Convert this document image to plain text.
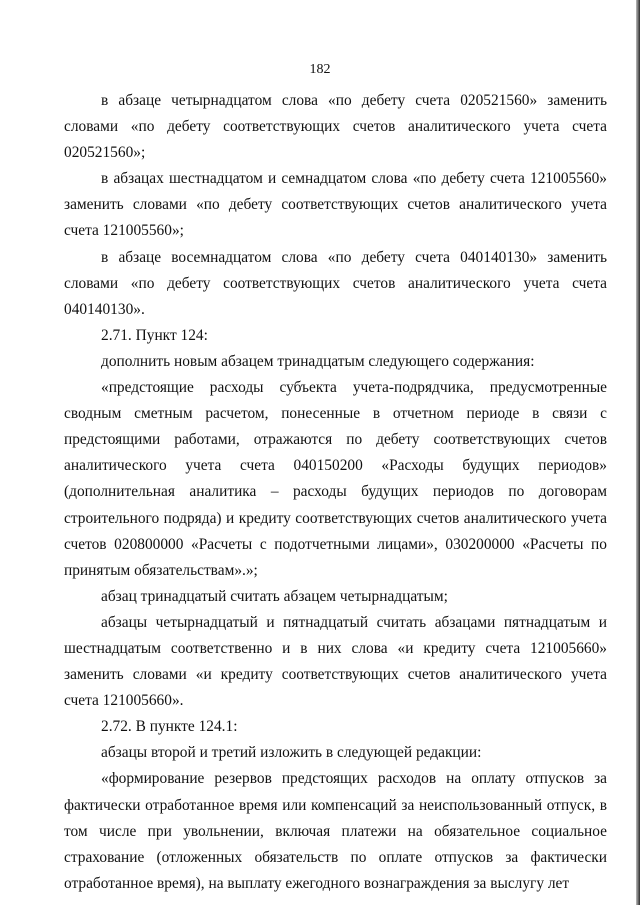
182

в абзаце четырнадцатом слова «по дебету счета 020521560» заменить словами «по дебету соответствующих счетов аналитического учета счета 020521560»;

в абзацах шестнадцатом и семнадцатом слова «по дебету счета 121005560» заменить словами «по дебету соответствующих счетов аналитического учета счета 121005560»;

в абзаце восемнадцатом слова «по дебету счета 040140130» заменить словами «по дебету соответствующих счетов аналитического учета счета 040140130».

2.71. Пункт 124:

дополнить новым абзацем тринадцатым следующего содержания:

«предстоящие расходы субъекта учета-подрядчика, предусмотренные сводным сметным расчетом, понесенные в отчетном периоде в связи с предстоящими работами, отражаются по дебету соответствующих счетов аналитического учета счета 040150200 «Расходы будущих периодов» (дополнительная аналитика – расходы будущих периодов по договорам строительного подряда) и кредиту соответствующих счетов аналитического учета счетов 020800000 «Расчеты с подотчетными лицами», 030200000 «Расчеты по принятым обязательствам».»;

абзац тринадцатый считать абзацем четырнадцатым;

абзацы четырнадцатый и пятнадцатый считать абзацами пятнадцатым и шестнадцатым соответственно и в них слова «и кредиту счета 121005660» заменить словами «и кредиту соответствующих счетов аналитического учета счета 121005660».

2.72. В пункте 124.1:

абзацы второй и третий изложить в следующей редакции:

«формирование резервов предстоящих расходов на оплату отпусков за фактически отработанное время или компенсаций за неиспользованный отпуск, в том числе при увольнении, включая платежи на обязательное социальное страхование (отложенных обязательств по оплате отпусков за фактически отработанное время), на выплату ежегодного вознаграждения за выслугу лет
